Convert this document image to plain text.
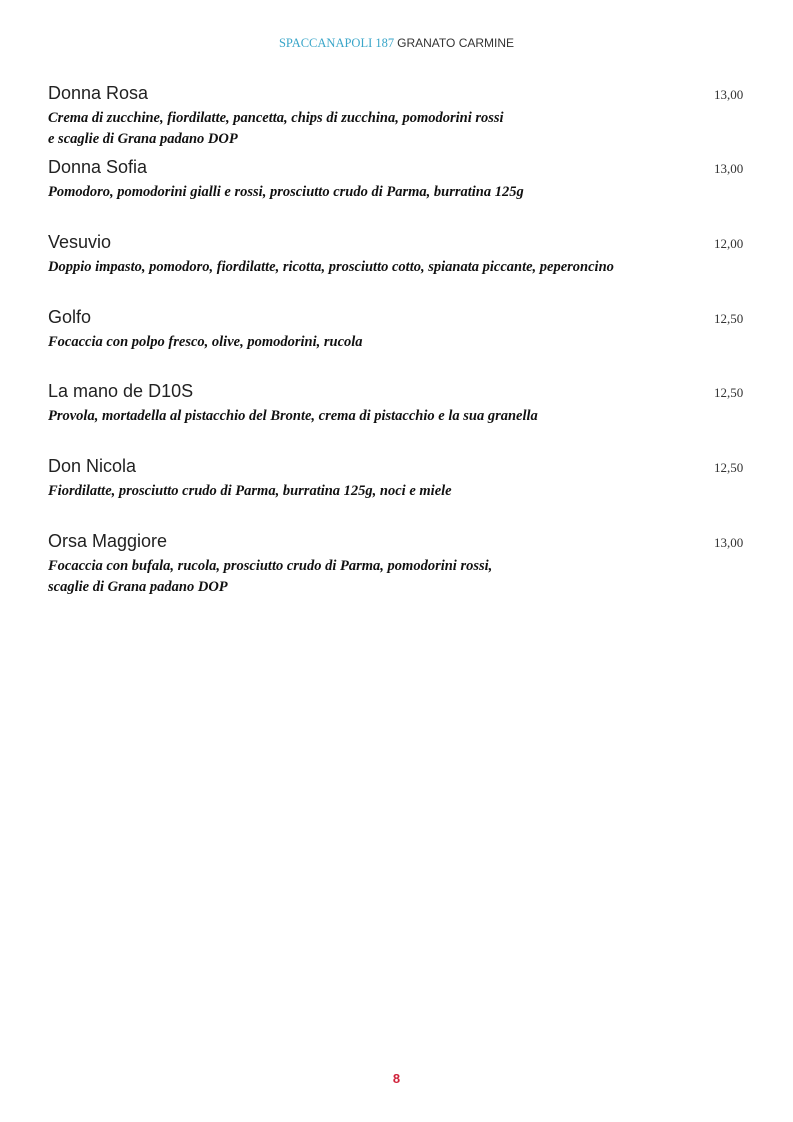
SPACCANAPOLI 187 GRANATO CARMINE
Donna Rosa
Crema di zucchine, fiordilatte, pancetta, chips di zucchina, pomodorini rossi
e scaglie di Grana padano DOP
13,00
Donna Sofia
Pomodoro, pomodorini gialli e rossi, prosciutto crudo di Parma, burratina 125g
13,00
Vesuvio
Doppio impasto, pomodoro, fiordilatte, ricotta, prosciutto cotto, spianata piccante, peperoncino
12,00
Golfo
Focaccia con polpo fresco, olive, pomodorini, rucola
12,50
La mano de D10S
Provola, mortadella al pistacchio del Bronte, crema di pistacchio e la sua granella
12,50
Don Nicola
Fiordilatte, prosciutto crudo di Parma, burratina 125g, noci e miele
12,50
Orsa Maggiore
Focaccia con bufala, rucola, prosciutto crudo di Parma, pomodorini rossi,
scaglie di Grana padano DOP
13,00
8
